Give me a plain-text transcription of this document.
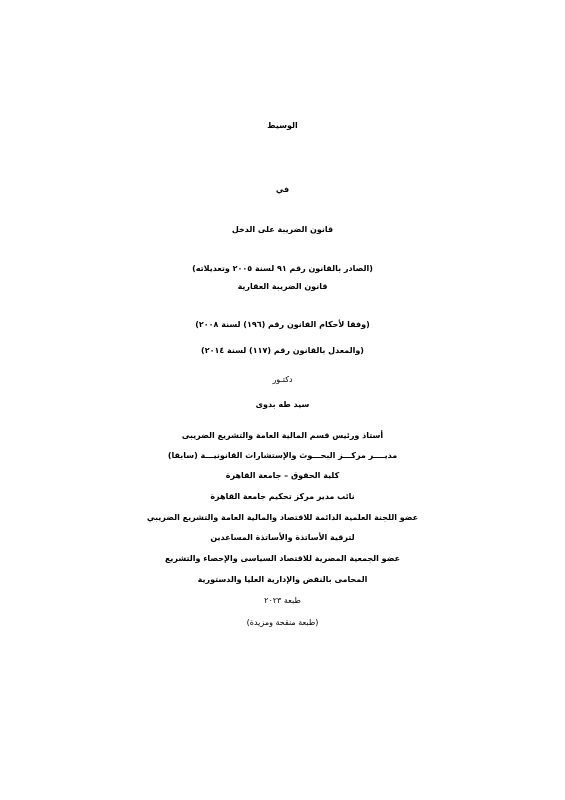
الوسيط
في
قانون الضريبة على الدخل
(الصادر بالقانون رقم ٩١ لسنة ٢٠٠٥ وتعديلاته)
قانون الضريبة العقارية
(وفقا لأحكام القانون رقم (١٩٦) لسنة ٢٠٠٨)
(والمعدل بالقانون رقم (١١٧) لسنة ٢٠١٤)
دكتـور
سيد طه بدوى
أستاذ ورئيس قسم المالية العامة والتشريع الضريبى
مديــــر مركـــز البحـــوث والإستشارات القانونيـــة (سابقا)
كلية الحقوق – جامعة القاهرة
نائب مدير مركز تحكيم جامعة القاهرة
عضو اللجنة العلمية الدائمة للاقتصاد والمالية العامة والتشريع الضريبي
لترقية الأساتذة والأساتذة المساعدين
عضو الجمعية المصرية للاقتصاد السياسى والإحصاء والتشريع
المحامى بالنقض والإدارية العليا والدستورية
طبعة ٢٠٢٣
(طبعة منقحة ومزيدة)
